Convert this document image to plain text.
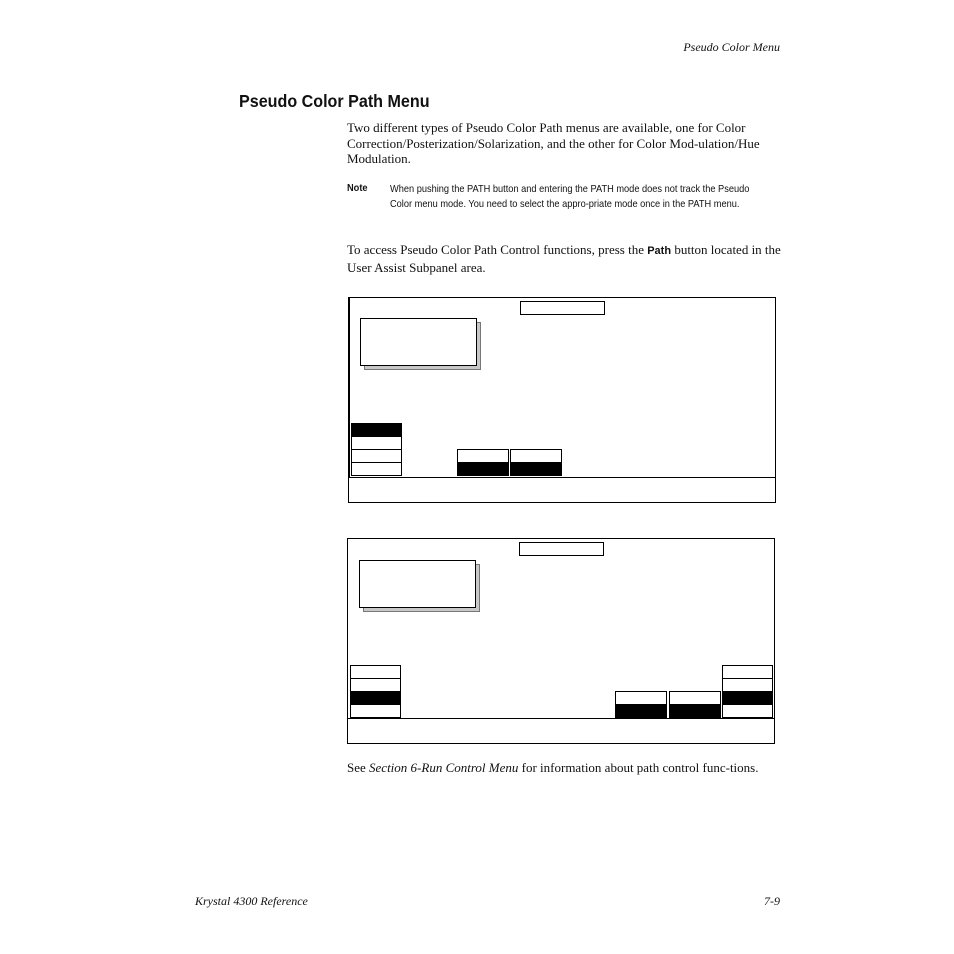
Pseudo Color Menu
Pseudo Color Path Menu

Two different types of Pseudo Color Path menus are available, one for Color Correction/Posterization/Solarization, and the other for Color Mod-ulation/Hue Modulation.

Note When pushing the PATH button and entering the PATH mode does not track the Pseudo Color menu mode. You need to select the appro-priate mode once in the PATH menu.

To access Pseudo Color Path Control functions, press the Path button located in the User Assist Subpanel area.

See Section 6-Run Control Menu for information about path control func-tions.

Krystal 4300 Reference	7-9
